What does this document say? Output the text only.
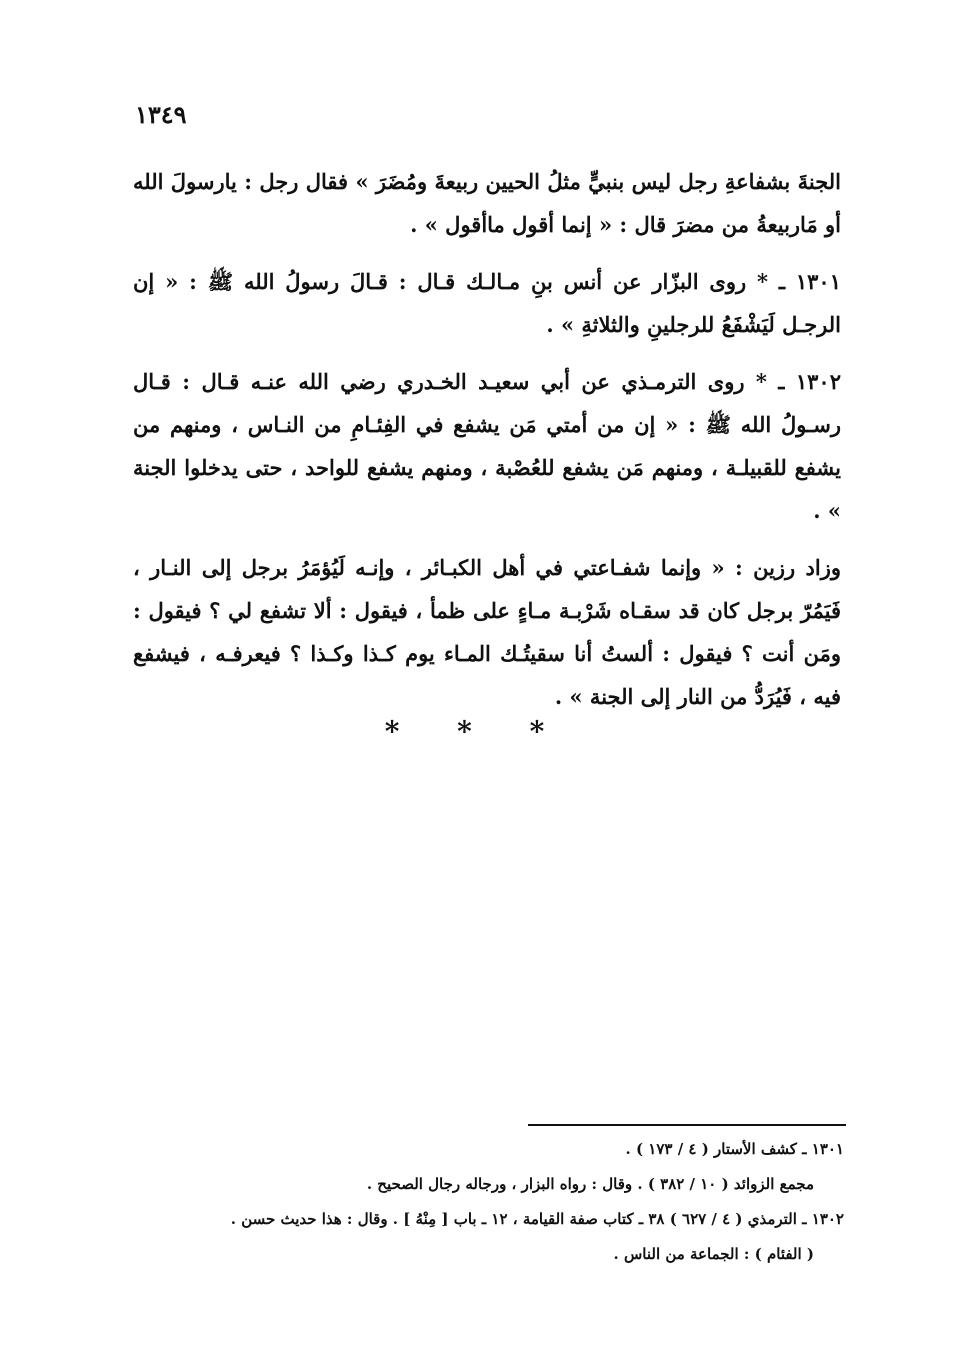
١٣٤٩

الجنةَ بشفاعةِ رجل ليس بنبيٍّ مثلُ الحيين ربيعةَ ومُضَرَ » فقال رجل : يارسولَ الله أو مَاربيعةُ من مضرَ قال : « إنما أقول ماأقول » .

١٣٠١ ـ * روى البزّار عن أنس بنِ مـالـك قـال : قـالَ رسولُ الله ﷺ : « إن الرجـل لَيَشْفَعُ للرجلينِ والثلاثةِ » .

١٣٠٢ ـ * روى الترمـذي عن أبي سعيـد الخـدري رضي الله عنـه قـال : قـال رسـولُ الله ﷺ : « إن من أمتي مَن يشفع في الفِئـامِ من النـاس ، ومنهم من يشفع للقبيلـة ، ومنهم مَن يشفع للعُصْبة ، ومنهم يشفع للواحد ، حتى يدخلوا الجنة » .

وزاد رزين : « وإنما شفـاعتي في أهل الكبـائر ، وإنـه لَيُؤمَرُ برجل إلى النـار ، فَيَمُرّ برجل كان قد سقـاه شَرْبـة مـاءٍ على ظمأ ، فيقول : ألا تشفع لي ؟ فيقول : ومَن أنت ؟ فيقول : ألستُ أنا سقيتُـك المـاء يوم كـذا وكـذا ؟ فيعرفـه ، فيشفع فيه ، فَيُرَدُّ من النار إلى الجنة » .

* * *
١٣٠١ ـ كشف الأستار ( ٤ / ١٧٣ ) .
مجمع الزوائد ( ١٠ / ٣٨٢ ) . وقال : رواه البزار ، ورجاله رجال الصحيح .
١٣٠٢ ـ الترمذي ( ٤ / ٦٢٧ ) ٣٨ ـ كتاب صفة القيامة ، ١٢ ـ باب [ مِنْهُ ] . وقال : هذا حديث حسن .
( الفئام ) : الجماعة من الناس .
